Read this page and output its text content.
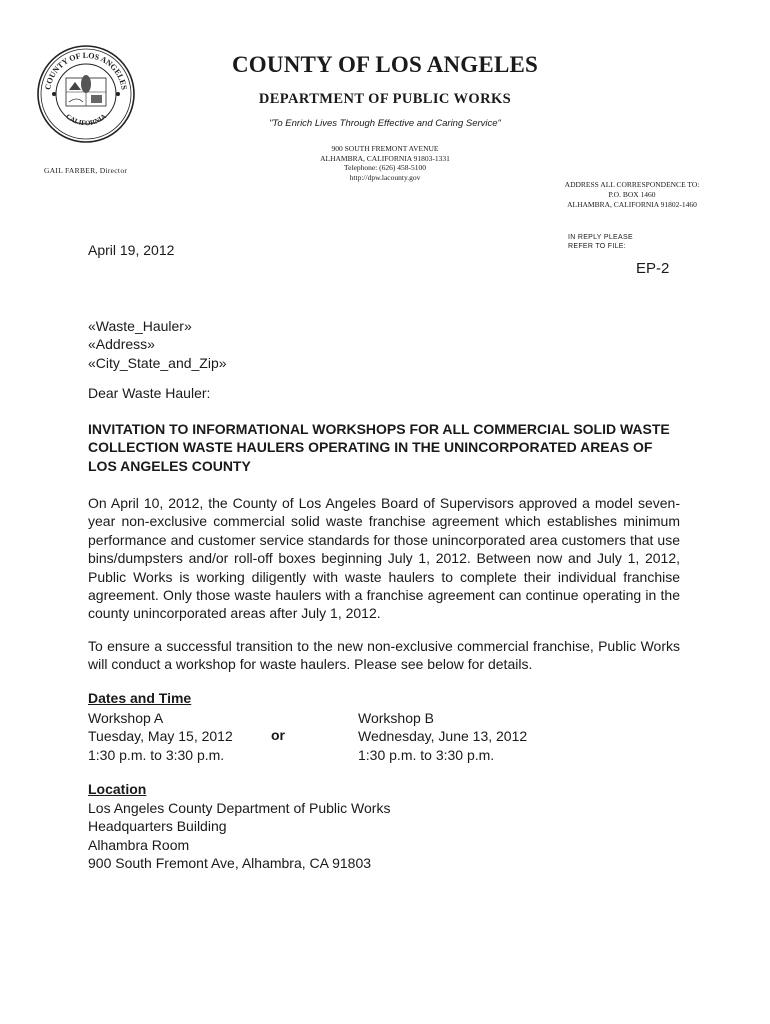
COUNTY OF LOS ANGELES
CALIFORNIA
COUNTY OF LOS ANGELES
DEPARTMENT OF PUBLIC WORKS
"To Enrich Lives Through Effective and Caring Service"
900 SOUTH FREMONT AVENUE
ALHAMBRA, CALIFORNIA 91803-1331
Telephone: (626) 458-5100
http://dpw.lacounty.gov
GAIL FARBER, Director
ADDRESS ALL CORRESPONDENCE TO:
P.O. BOX 1460
ALHAMBRA, CALIFORNIA 91802-1460
IN REPLY PLEASE
REFER TO FILE:
EP-2
April 19, 2012
«Waste_Hauler»
«Address»
«City_State_and_Zip»
Dear Waste Hauler:
INVITATION TO INFORMATIONAL WORKSHOPS FOR ALL COMMERCIAL SOLID WASTE COLLECTION WASTE HAULERS OPERATING IN THE UNINCORPORATED AREAS OF LOS ANGELES COUNTY
On April 10, 2012, the County of Los Angeles Board of Supervisors approved a model seven-year non-exclusive commercial solid waste franchise agreement which establishes minimum performance and customer service standards for those unincorporated area customers that use bins/dumpsters and/or roll-off boxes beginning July 1, 2012. Between now and July 1, 2012, Public Works is working diligently with waste haulers to complete their individual franchise agreement. Only those waste haulers with a franchise agreement can continue operating in the county unincorporated areas after July 1, 2012.
To ensure a successful transition to the new non-exclusive commercial franchise, Public Works will conduct a workshop for waste haulers. Please see below for details.
Dates and Time
Workshop A
Tuesday, May 15, 2012
1:30 p.m. to 3:30 p.m.
or
Workshop B
Wednesday, June 13, 2012
1:30 p.m. to 3:30 p.m.
Location
Los Angeles County Department of Public Works
Headquarters Building
Alhambra Room
900 South Fremont Ave, Alhambra, CA 91803
